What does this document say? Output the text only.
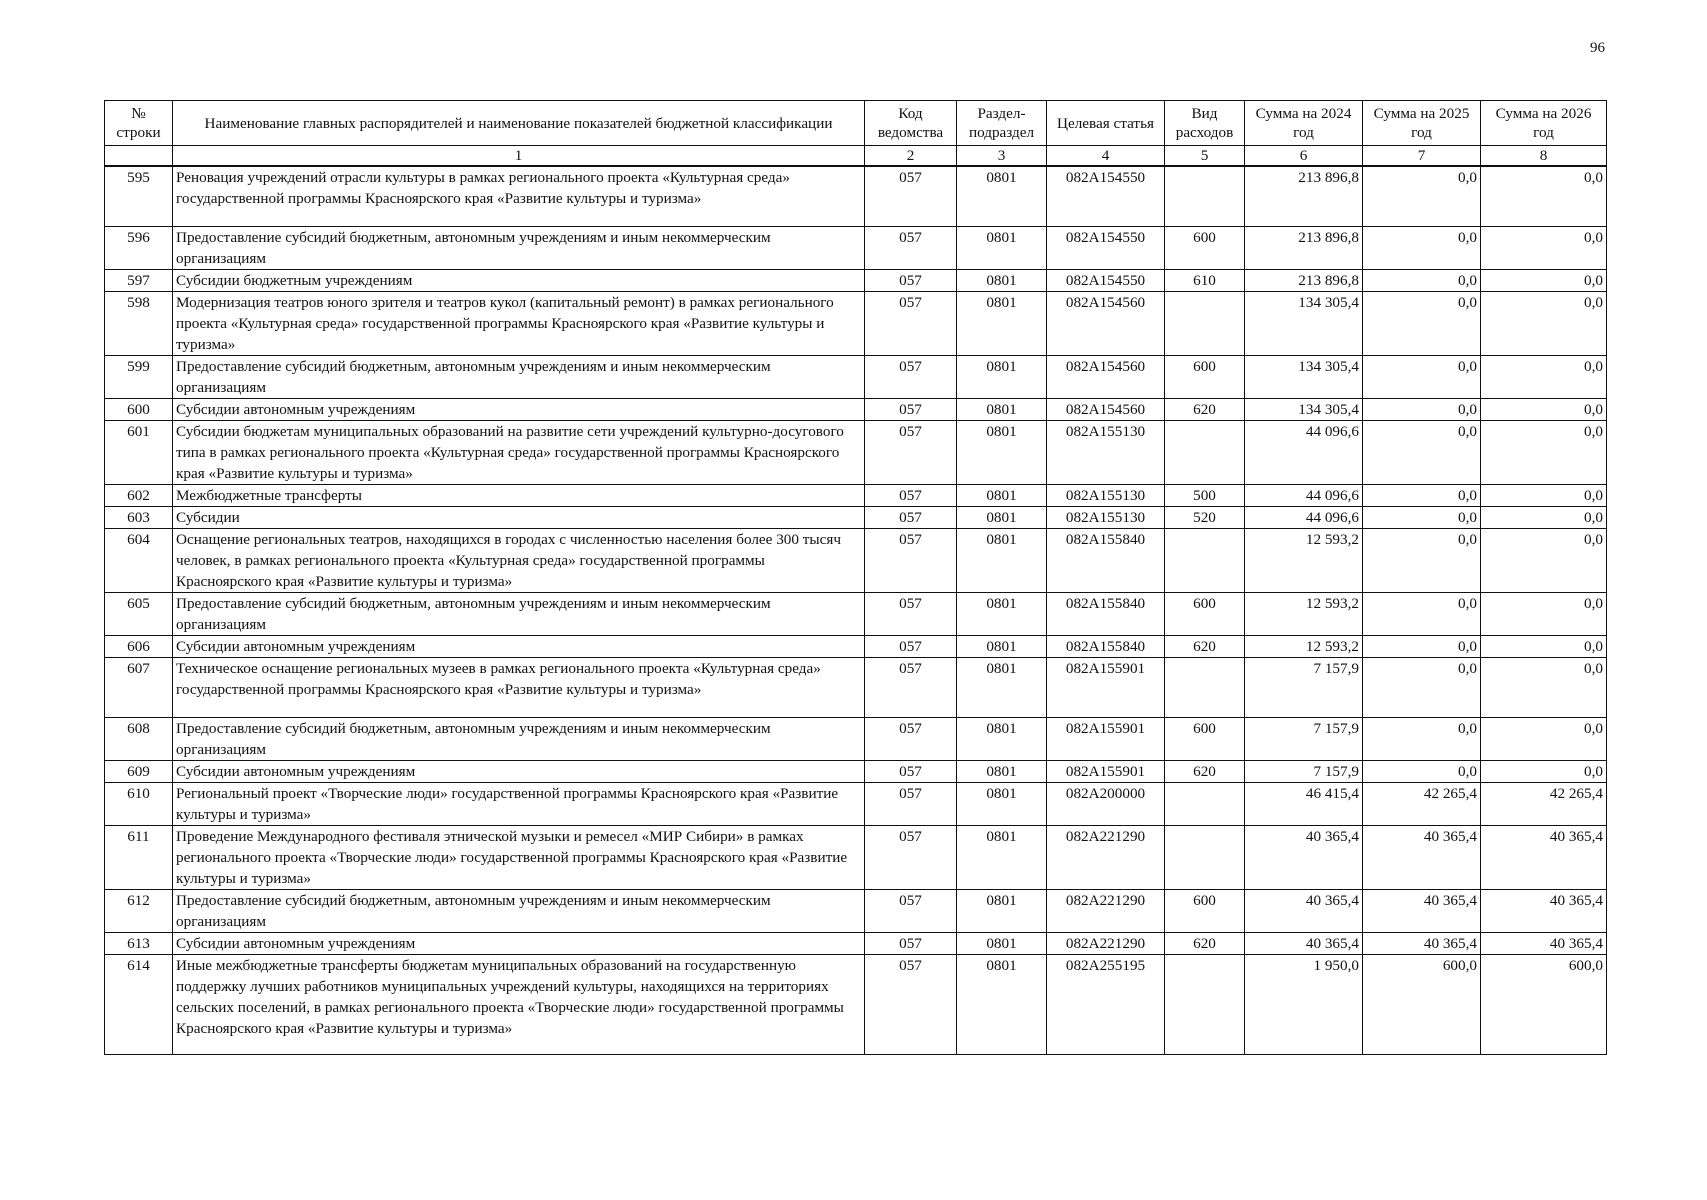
96
№ строки	Наименование главных распорядителей и наименование показателей бюджетной классификации	Код ведомства	Раздел-подраздел	Целевая статья	Вид расходов	Сумма на 2024 год	Сумма на 2025 год	Сумма на 2026 год
	1	2	3	4	5	6	7	8
595	Реновация учреждений отрасли культуры в рамках регионального проекта «Культурная среда» государственной программы Красноярского края «Развитие культуры и туризма»	057	0801	082A154550		213 896,8	0,0	0,0
596	Предоставление субсидий бюджетным, автономным учреждениям и иным некоммерческим организациям	057	0801	082A154550	600	213 896,8	0,0	0,0
597	Субсидии бюджетным учреждениям	057	0801	082A154550	610	213 896,8	0,0	0,0
598	Модернизация театров юного зрителя и театров кукол (капитальный ремонт) в рамках регионального проекта «Культурная среда» государственной программы Красноярского края «Развитие культуры и туризма»	057	0801	082A154560		134 305,4	0,0	0,0
599	Предоставление субсидий бюджетным, автономным учреждениям и иным некоммерческим организациям	057	0801	082A154560	600	134 305,4	0,0	0,0
600	Субсидии автономным учреждениям	057	0801	082A154560	620	134 305,4	0,0	0,0
601	Субсидии бюджетам муниципальных образований на развитие сети учреждений культурно-досугового типа в рамках регионального проекта «Культурная среда» государственной программы Красноярского края «Развитие культуры и туризма»	057	0801	082A155130		44 096,6	0,0	0,0
602	Межбюджетные трансферты	057	0801	082A155130	500	44 096,6	0,0	0,0
603	Субсидии	057	0801	082A155130	520	44 096,6	0,0	0,0
604	Оснащение региональных театров, находящихся в городах с численностью населения более 300 тысяч человек, в рамках регионального проекта «Культурная среда» государственной программы Красноярского края «Развитие культуры и туризма»	057	0801	082A155840		12 593,2	0,0	0,0
605	Предоставление субсидий бюджетным, автономным учреждениям и иным некоммерческим организациям	057	0801	082A155840	600	12 593,2	0,0	0,0
606	Субсидии автономным учреждениям	057	0801	082A155840	620	12 593,2	0,0	0,0
607	Техническое оснащение региональных музеев в рамках регионального проекта «Культурная среда» государственной программы Красноярского края «Развитие культуры и туризма»	057	0801	082A155901		7 157,9	0,0	0,0
608	Предоставление субсидий бюджетным, автономным учреждениям и иным некоммерческим организациям	057	0801	082A155901	600	7 157,9	0,0	0,0
609	Субсидии автономным учреждениям	057	0801	082A155901	620	7 157,9	0,0	0,0
610	Региональный проект «Творческие люди» государственной программы Красноярского края «Развитие культуры и туризма»	057	0801	082A200000		46 415,4	42 265,4	42 265,4
611	Проведение Международного фестиваля этнической музыки и ремесел «МИР Сибири» в рамках регионального проекта «Творческие люди» государственной программы Красноярского края «Развитие культуры и туризма»	057	0801	082A221290		40 365,4	40 365,4	40 365,4
612	Предоставление субсидий бюджетным, автономным учреждениям и иным некоммерческим организациям	057	0801	082A221290	600	40 365,4	40 365,4	40 365,4
613	Субсидии автономным учреждениям	057	0801	082A221290	620	40 365,4	40 365,4	40 365,4
614	Иные межбюджетные трансферты бюджетам муниципальных образований на государственную поддержку лучших работников муниципальных учреждений культуры, находящихся на территориях сельских поселений, в рамках регионального проекта «Творческие люди» государственной программы Красноярского края «Развитие культуры и туризма»	057	0801	082A255195		1 950,0	600,0	600,0
